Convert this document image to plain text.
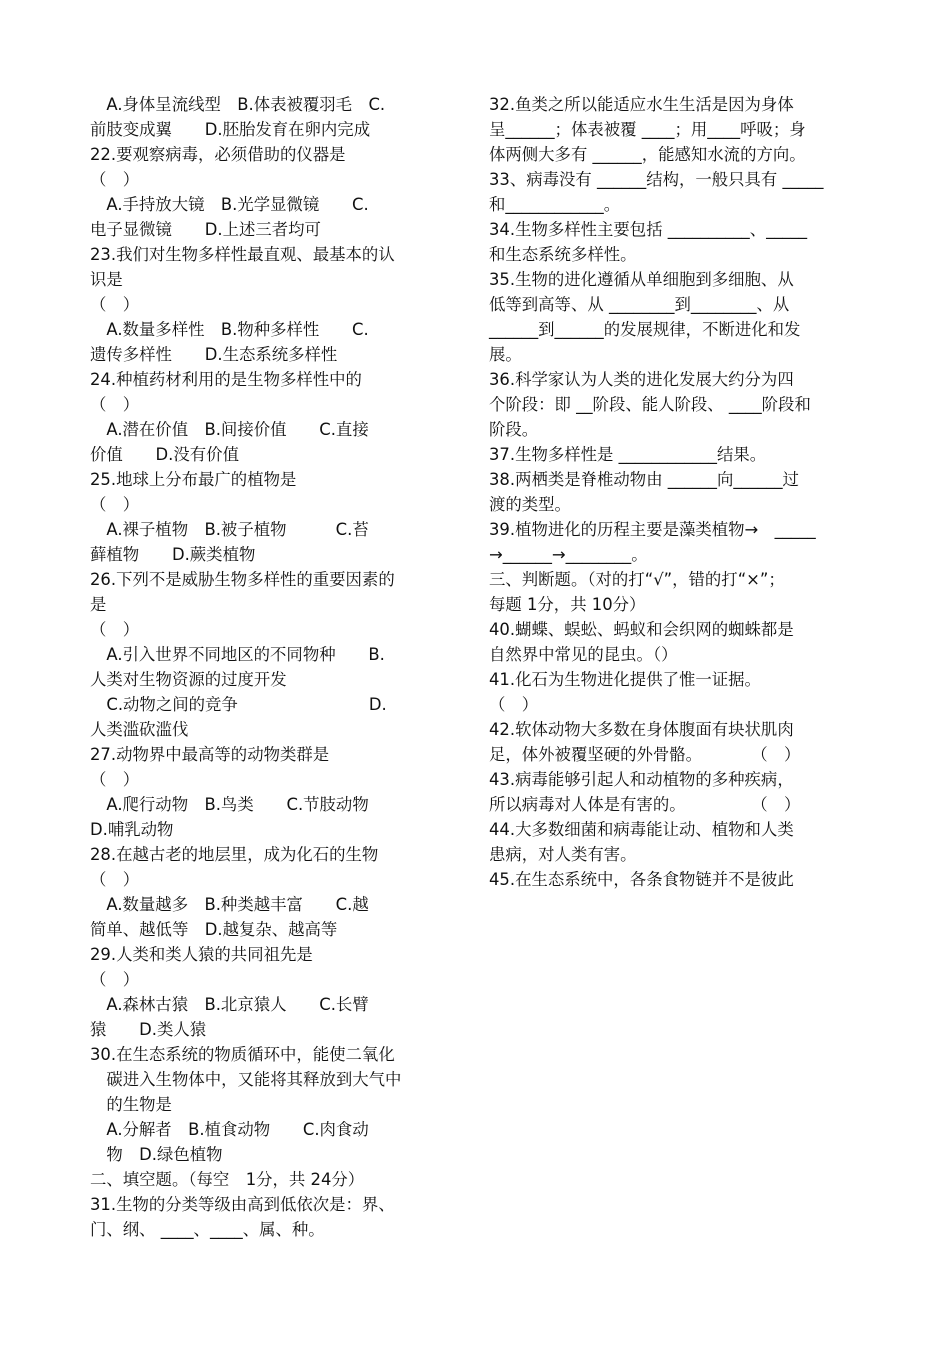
　A.身体呈流线型　B.体表被覆羽毛　C.
前肢变成翼　　D.胚胎发育在卵内完成
22.要观察病毒，必须借助的仪器是
（　）
　A.手持放大镜　B.光学显微镜　　C.
电子显微镜　　D.上述三者均可
23.我们对生物多样性最直观、最基本的认
识是
（　）
　A.数量多样性　B.物种多样性　　C.
遗传多样性　　D.生态系统多样性
24.种植药材利用的是生物多样性中的
（　）
　A.潜在价值　B.间接价值　　C.直接
价值　　D.没有价值
25.地球上分布最广的植物是
（　）
　A.裸子植物　B.被子植物　　　C.苔
藓植物　　D.蕨类植物
26.下列不是威胁生物多样性的重要因素的
是
（　）
　A.引入世界不同地区的不同物种　　B.
人类对生物资源的过度开发
　C.动物之间的竞争　　　　　　　　D.
人类滥砍滥伐
27.动物界中最高等的动物类群是
（　）
　A.爬行动物　B.鸟类　　C.节肢动物
D.哺乳动物
28.在越古老的地层里，成为化石的生物
（　）
　A.数量越多　B.种类越丰富　　C.越
简单、越低等　D.越复杂、越高等
29.人类和类人猿的共同祖先是
（　）
　A.森林古猿　B.北京猿人　　C.长臂
猿　　D.类人猿
30.在生态系统的物质循环中，能使二氧化
　碳进入生物体中，又能将其释放到大气中
　的生物是
　A.分解者　B.植食动物　　C.肉食动
　物　D.绿色植物
二、填空题。（每空　1分，共 24分）
31.生物的分类等级由高到低依次是：界、
门、纲、 ____、____、属、种。
32.鱼类之所以能适应水生生活是因为身体
呈______；体表被覆 ____；用____呼吸；身
体两侧大多有 ______，能感知水流的方向。
33、病毒没有 ______结构，一般只具有 _____
和____________。
34.生物多样性主要包括 __________、_____
和生态系统多样性。
35.生物的进化遵循从单细胞到多细胞、从
低等到高等、从 ________到________、从
______到______的发展规律，不断进化和发
展。
36.科学家认为人类的进化发展大约分为四
个阶段：即 __阶段、能人阶段、 ____阶段和
阶段。
37.生物多样性是 ____________结果。
38.两栖类是脊椎动物由 ______向______过
渡的类型。
39.植物进化的历程主要是藻类植物→　_____
→______→________。
三、判断题。（对的打“√”，错的打“×”；
每题 1分，共 10分）
40.蝴蝶、蜈蚣、蚂蚁和会织网的蜘蛛都是
自然界中常见的昆虫。（）
41.化石为生物进化提供了惟一证据。
（　）
42.软体动物大多数在身体腹面有块状肌肉
足，体外被覆坚硬的外骨骼。　　　　（　）
43.病毒能够引起人和动植物的多种疾病，
所以病毒对人体是有害的。　　　　　（　）
44.大多数细菌和病毒能让动、植物和人类
患病，对人类有害。
45.在生态系统中，各条食物链并不是彼此
